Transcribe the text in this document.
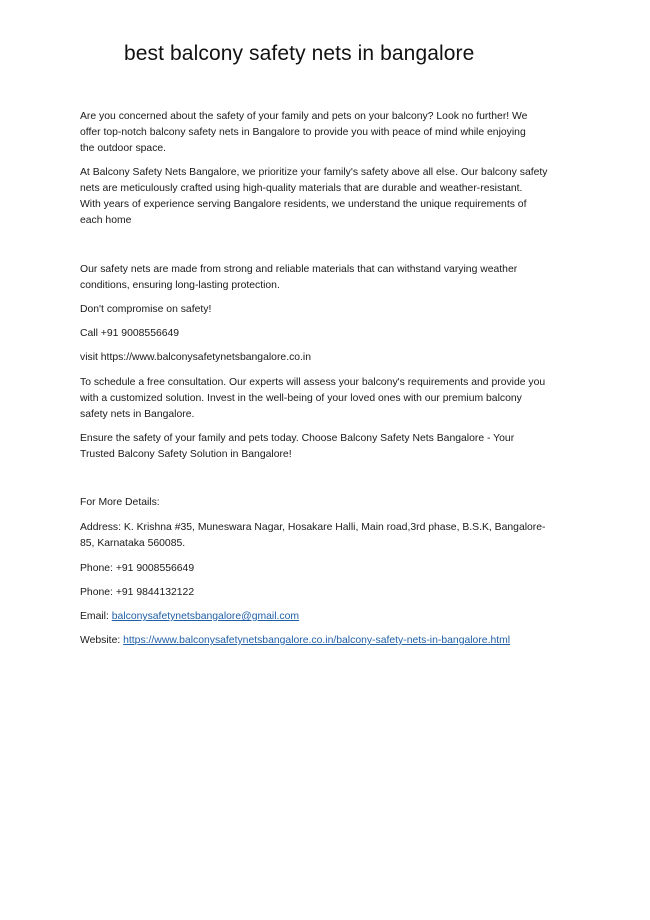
best balcony safety nets in bangalore

Are you concerned about the safety of your family and pets on your balcony? Look no further! We
offer top-notch balcony safety nets in Bangalore to provide you with peace of mind while enjoying
the outdoor space.

At Balcony Safety Nets Bangalore, we prioritize your family's safety above all else. Our balcony safety
nets are meticulously crafted using high-quality materials that are durable and weather-resistant.
With years of experience serving Bangalore residents, we understand the unique requirements of
each home

Our safety nets are made from strong and reliable materials that can withstand varying weather
conditions, ensuring long-lasting protection.

Don't compromise on safety!

Call +91 9008556649

visit https://www.balconysafetynetsbangalore.co.in

To schedule a free consultation. Our experts will assess your balcony's requirements and provide you
with a customized solution. Invest in the well-being of your loved ones with our premium balcony
safety nets in Bangalore.

Ensure the safety of your family and pets today. Choose Balcony Safety Nets Bangalore - Your
Trusted Balcony Safety Solution in Bangalore!

For More Details:

Address: K. Krishna #35, Muneswara Nagar, Hosakare Halli, Main road,3rd phase, B.S.K, Bangalore-
85, Karnataka 560085.

Phone: +91 9008556649

Phone: +91 9844132122

Email: balconysafetynetsbangalore@gmail.com

Website: https://www.balconysafetynetsbangalore.co.in/balcony-safety-nets-in-bangalore.html
